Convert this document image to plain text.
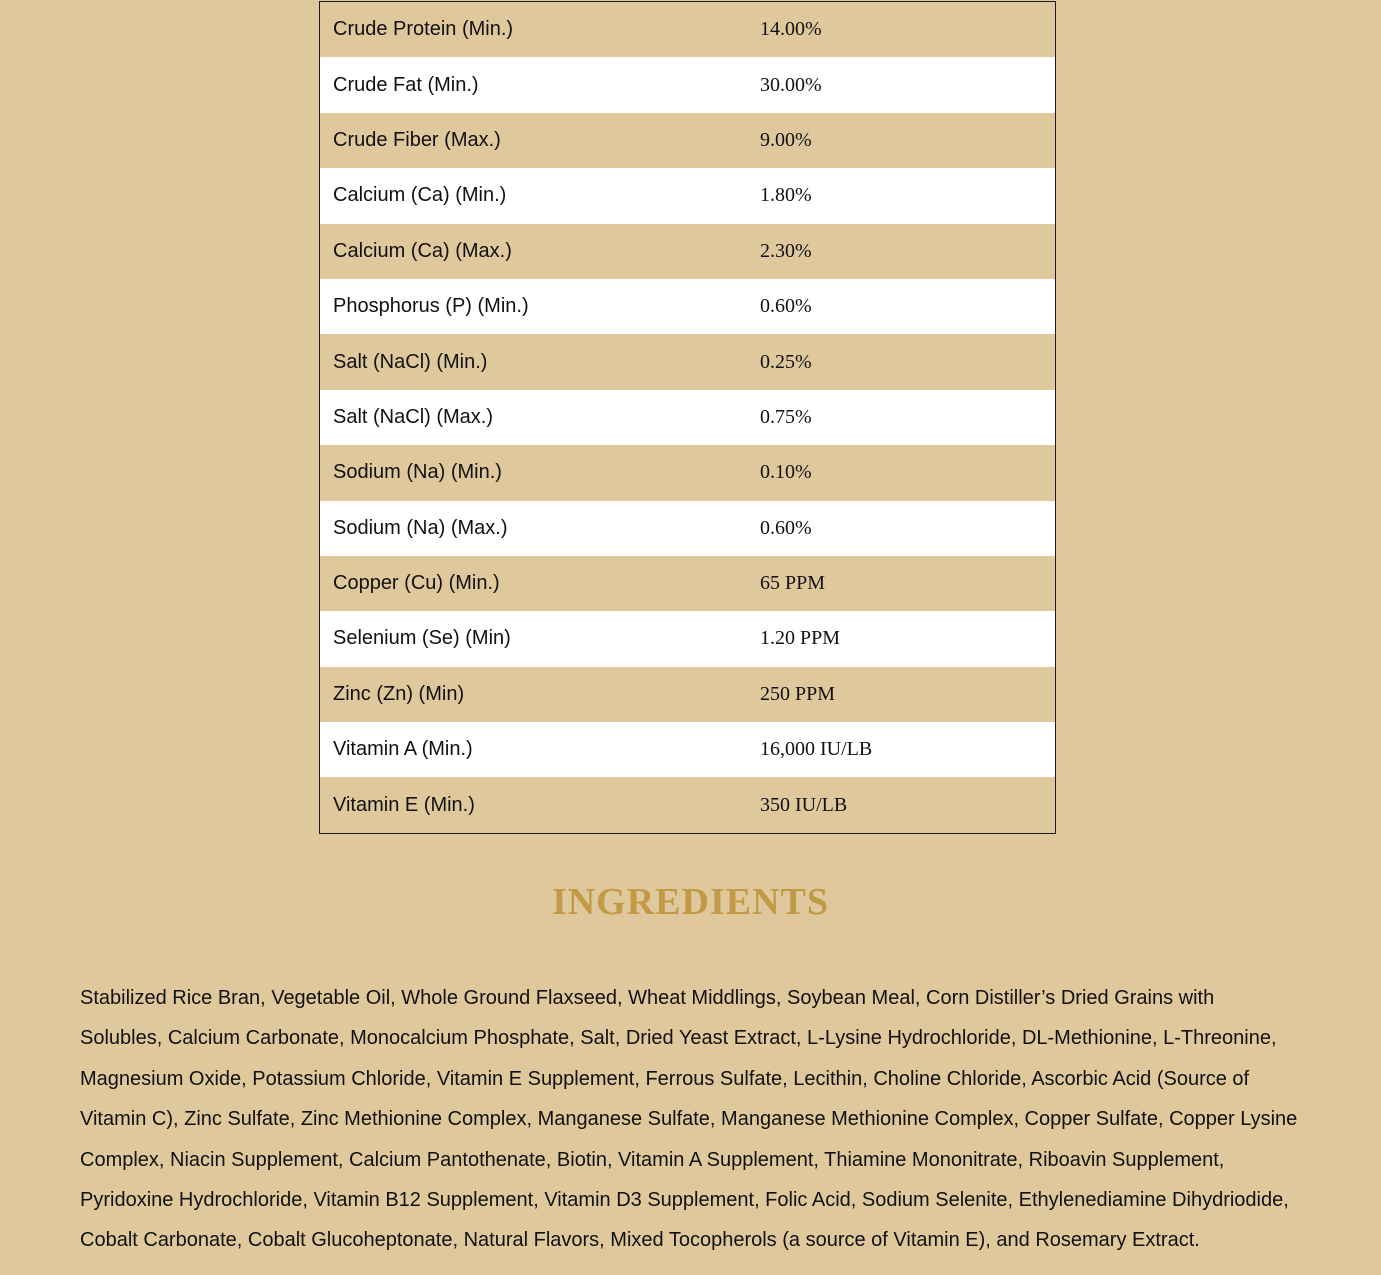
Crude Protein (Min.)	14.00%
Crude Fat (Min.)	30.00%
Crude Fiber (Max.)	9.00%
Calcium (Ca) (Min.)	1.80%
Calcium (Ca) (Max.)	2.30%
Phosphorus (P) (Min.)	0.60%
Salt (NaCl) (Min.)	0.25%
Salt (NaCl) (Max.)	0.75%
Sodium (Na) (Min.)	0.10%
Sodium (Na) (Max.)	0.60%
Copper (Cu) (Min.)	65 PPM
Selenium (Se) (Min)	1.20 PPM
Zinc (Zn) (Min)	250 PPM
Vitamin A (Min.)	16,000 IU/LB
Vitamin E (Min.)	350 IU/LB
INGREDIENTS

Stabilized Rice Bran, Vegetable Oil, Whole Ground Flaxseed, Wheat Middlings, Soybean Meal, Corn Distiller’s Dried Grains with Solubles, Calcium Carbonate, Monocalcium Phosphate, Salt, Dried Yeast Extract, L-Lysine Hydrochloride, DL-Methionine, L-Threonine, Magnesium Oxide, Potassium Chloride, Vitamin E Supplement, Ferrous Sulfate, Lecithin, Choline Chloride, Ascorbic Acid (Source of Vitamin C), Zinc Sulfate, Zinc Methionine Complex, Manganese Sulfate, Manganese Methionine Complex, Copper Sulfate, Copper Lysine Complex, Niacin Supplement, Calcium Pantothenate, Biotin, Vitamin A Supplement, Thiamine Mononitrate, Riboavin Supplement, Pyridoxine Hydrochloride, Vitamin B12 Supplement, Vitamin D3 Supplement, Folic Acid, Sodium Selenite, Ethylenediamine Dihydriodide, Cobalt Carbonate, Cobalt Glucoheptonate, Natural Flavors, Mixed Tocopherols (a source of Vitamin E), and Rosemary Extract.
